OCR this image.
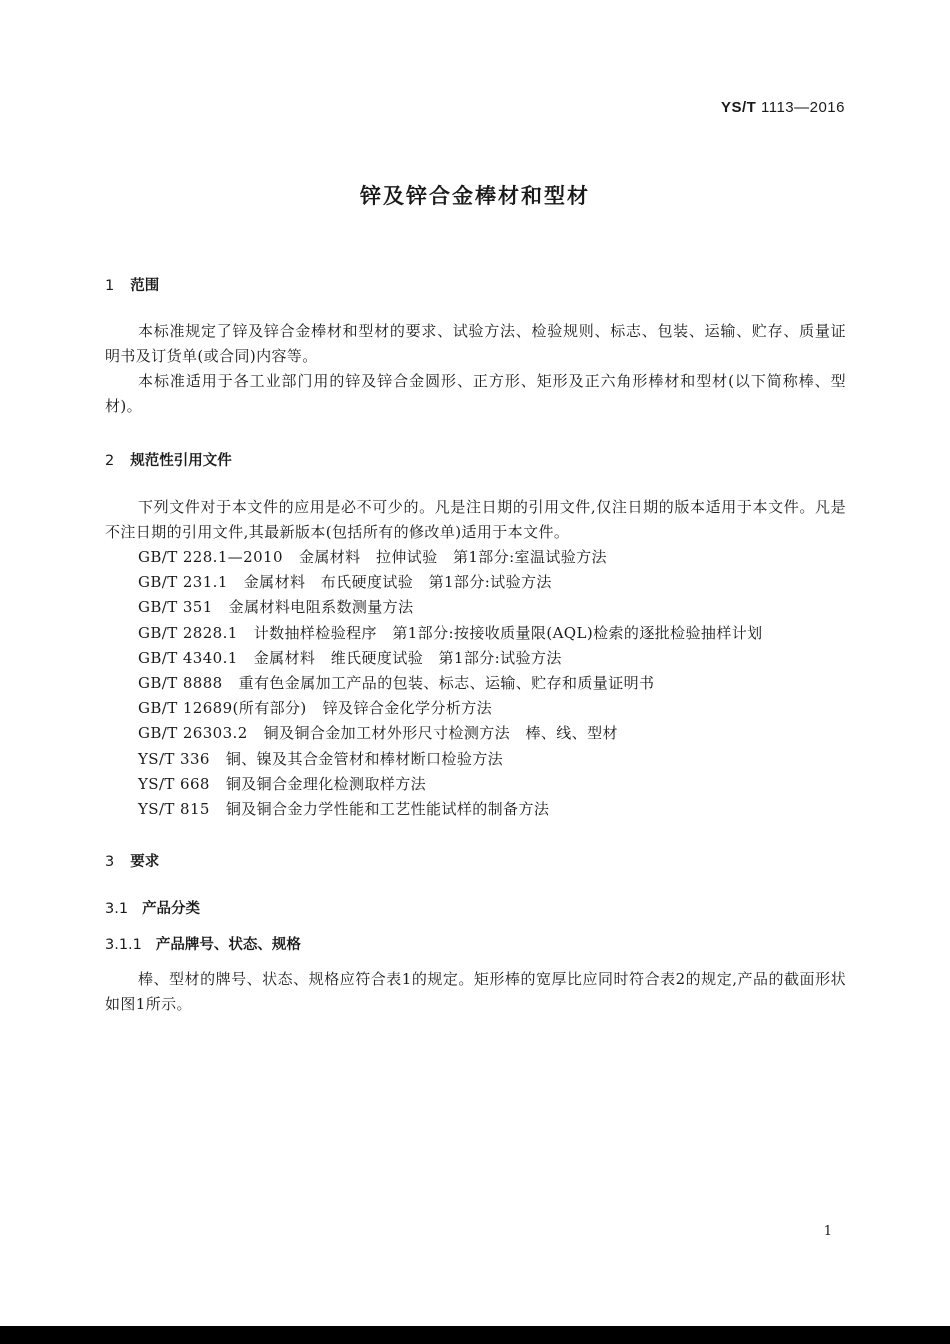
YS/T 1113—2016
锌及锌合金棒材和型材
1 范围
本标准规定了锌及锌合金棒材和型材的要求、试验方法、检验规则、标志、包装、运输、贮存、质量证明书及订货单(或合同)内容等。
本标准适用于各工业部门用的锌及锌合金圆形、正方形、矩形及正六角形棒材和型材(以下简称棒、型材)。
2 规范性引用文件
下列文件对于本文件的应用是必不可少的。凡是注日期的引用文件,仅注日期的版本适用于本文件。凡是不注日期的引用文件,其最新版本(包括所有的修改单)适用于本文件。
GB/T 228.1—2010 金属材料　拉伸试验　第1部分:室温试验方法
GB/T 231.1 金属材料　布氏硬度试验　第1部分:试验方法
GB/T 351 金属材料电阻系数测量方法
GB/T 2828.1 计数抽样检验程序　第1部分:按接收质量限(AQL)检索的逐批检验抽样计划
GB/T 4340.1 金属材料　维氏硬度试验　第1部分:试验方法
GB/T 8888 重有色金属加工产品的包装、标志、运输、贮存和质量证明书
GB/T 12689(所有部分) 锌及锌合金化学分析方法
GB/T 26303.2 铜及铜合金加工材外形尺寸检测方法　棒、线、型材
YS/T 336 铜、镍及其合金管材和棒材断口检验方法
YS/T 668 铜及铜合金理化检测取样方法
YS/T 815 铜及铜合金力学性能和工艺性能试样的制备方法
3 要求
3.1 产品分类
3.1.1 产品牌号、状态、规格
棒、型材的牌号、状态、规格应符合表1的规定。矩形棒的宽厚比应同时符合表2的规定,产品的截面形状如图1所示。
1
